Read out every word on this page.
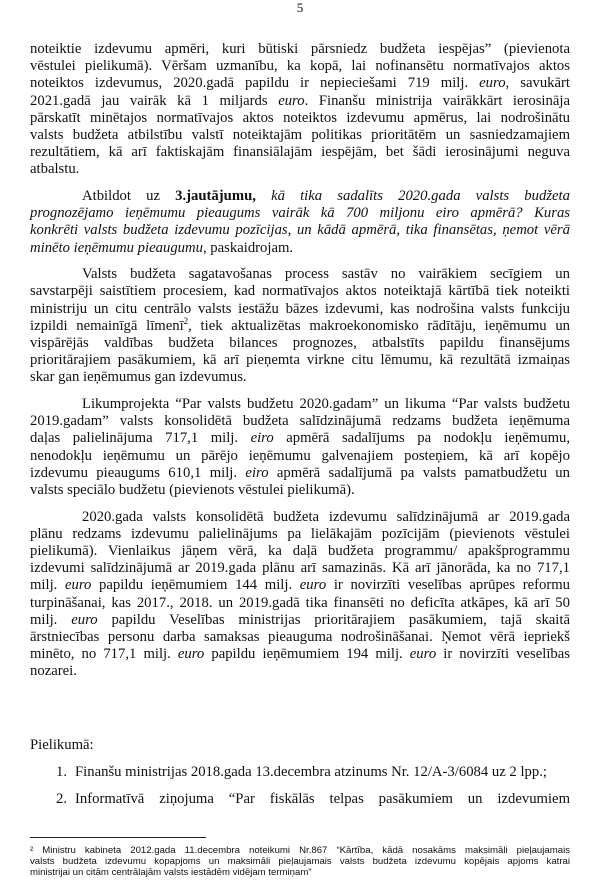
5
noteiktie izdevumu apmēri, kuri būtiski pārsniedz budžeta iespējas” (pievienota
vēstulei pielikumā). Vēršam uzmanību, ka kopā, lai nofinansētu normatīvajos aktos
noteiktos izdevumus, 2020.gadā papildu ir nepieciešami 719 milj. euro, savukārt
2021.gadā jau vairāk kā 1 miljards euro. Finanšu ministrija vairākkārt ierosināja
pārskatīt minētajos normatīvajos aktos noteiktos izdevumu apmērus, lai nodrošinātu
valsts budžeta atbilstību valstī noteiktajām politikas prioritātēm un sasniedzamajiem
rezultātiem, kā arī faktiskajām finansiālajām iespējām, bet šādi ierosinājumi neguva
atbalstu.
Atbildot uz 3.jautājumu, kā tika sadalīts 2020.gada valsts budžeta
prognozējamo ieņēmumu pieaugums vairāk kā 700 miljonu eiro apmērā? Kuras
konkrēti valsts budžeta izdevumu pozīcijas, un kādā apmērā, tika finansētas, ņemot vērā
minēto ieņēmumu pieaugumu, paskaidrojam.
Valsts budžeta sagatavošanas process sastāv no vairākiem secīgiem un
savstarpēji saistītiem procesiem, kad normatīvajos aktos noteiktajā kārtībā tiek noteikti
ministriju un citu centrālo valsts iestāžu bāzes izdevumi, kas nodrošina valsts funkciju
izpildi nemainīgā līmenī$^2$, tiek aktualizētas makroekonomisko rādītāju, ieņēmumu un
vispārējās valdības budžeta bilances prognozes, atbalstīts papildu finansējums
prioritārajiem pasākumiem, kā arī pieņemta virkne citu lēmumu, kā rezultātā izmaiņas
skar gan ieņēmumus gan izdevumus.
Likumprojekta “Par valsts budžetu 2020.gadam” un likuma “Par valsts budžetu
2019.gadam” valsts konsolidētā budžeta salīdzinājumā redzams budžeta ieņēmuma
daļas palielinājuma 717,1 milj. eiro apmērā sadalījums pa nodokļu ieņēmumu,
nenodokļu ieņēmumu un pārējo ieņēmumu galvenajiem posteņiem, kā arī kopējo
izdevumu pieaugums 610,1 milj. eiro apmērā sadalījumā pa valsts pamatbudžetu un
valsts speciālo budžetu (pievienots vēstulei pielikumā).
2020.gada valsts konsolidētā budžeta izdevumu salīdzinājumā ar 2019.gada
plānu redzams izdevumu palielinājums pa lielākajām pozīcijām (pievienots vēstulei
pielikumā). Vienlaikus jāņem vērā, ka daļā budžeta programmu/ apakšprogrammu
izdevumi salīdzinājumā ar 2019.gada plānu arī samazinās. Kā arī jānorāda, ka no 717,1
milj. euro papildu ieņēmumiem 144 milj. euro ir novirzīti veselības aprūpes reformu
turpināšanai, kas 2017., 2018. un 2019.gadā tika finansēti no deficīta atkāpes, kā arī 50
milj. euro papildu Veselības ministrijas prioritārajiem pasākumiem, tajā skaitā
ārstniecības personu darba samaksas pieauguma nodrošināšanai. Ņemot vērā iepriekš
minēto, no 717,1 milj. euro papildu ieņēmumiem 194 milj. euro ir novirzīti veselības
nozarei.
Pielikumā:
1. Finanšu ministrijas 2018.gada 13.decembra atzinums Nr. 12/A-3/6084 uz 2 lpp.;
2. Informatīvā ziņojuma “Par fiskālās telpas pasākumiem un izdevumiem
² Ministru kabineta 2012.gada 11.decembra noteikumi Nr.867 “Kārtība, kādā nosakāms maksimāli pieļaujamais
valsts budžeta izdevumu kopapjoms un maksimāli pieļaujamais valsts budžeta izdevumu kopējais apjoms katrai
ministrijai un citām centrālajām valsts iestādēm vidējam termiņam”
